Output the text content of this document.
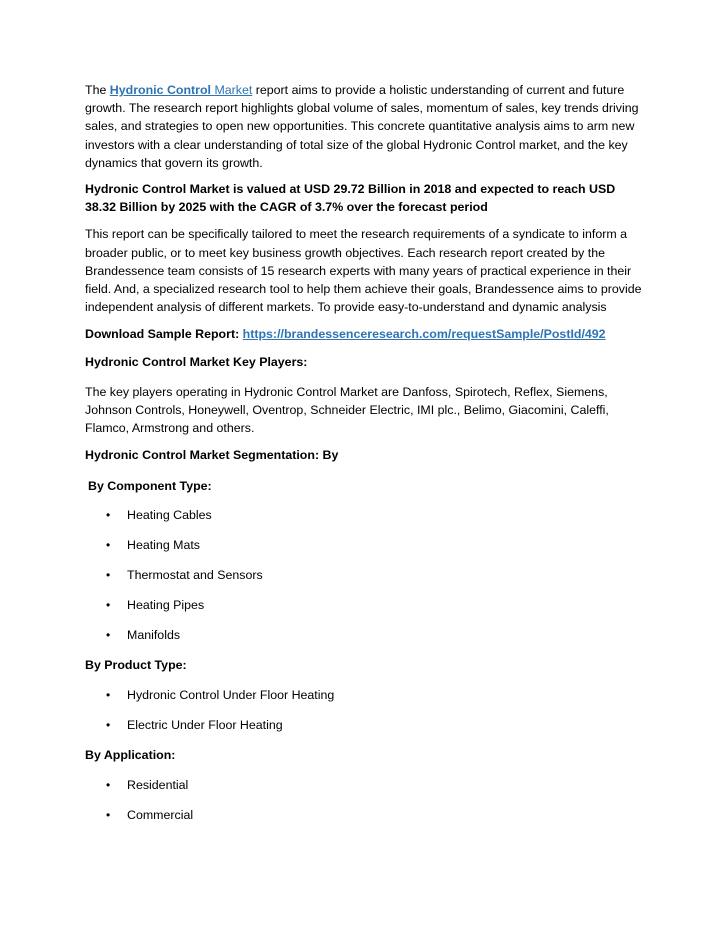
The Hydronic Control Market report aims to provide a holistic understanding of current and future growth. The research report highlights global volume of sales, momentum of sales, key trends driving sales, and strategies to open new opportunities. This concrete quantitative analysis aims to arm new investors with a clear understanding of total size of the global Hydronic Control market, and the key dynamics that govern its growth.

Hydronic Control Market is valued at USD 29.72 Billion in 2018 and expected to reach USD 38.32 Billion by 2025 with the CAGR of 3.7% over the forecast period

This report can be specifically tailored to meet the research requirements of a syndicate to inform a broader public, or to meet key business growth objectives. Each research report created by the Brandessence team consists of 15 research experts with many years of practical experience in their field. And, a specialized research tool to help them achieve their goals, Brandessence aims to provide independent analysis of different markets. To provide easy-to-understand and dynamic analysis

Download Sample Report: https://brandessenceresearch.com/requestSample/PostId/492

Hydronic Control Market Key Players:

The key players operating in Hydronic Control Market are Danfoss, Spirotech, Reflex, Siemens, Johnson Controls, Honeywell, Oventrop, Schneider Electric, IMI plc., Belimo, Giacomini, Caleffi, Flamco, Armstrong and others.

Hydronic Control Market Segmentation: By

By Component Type:

• Heating Cables
• Heating Mats
• Thermostat and Sensors
• Heating Pipes
• Manifolds

By Product Type:

• Hydronic Control Under Floor Heating
• Electric Under Floor Heating

By Application:

• Residential
• Commercial
